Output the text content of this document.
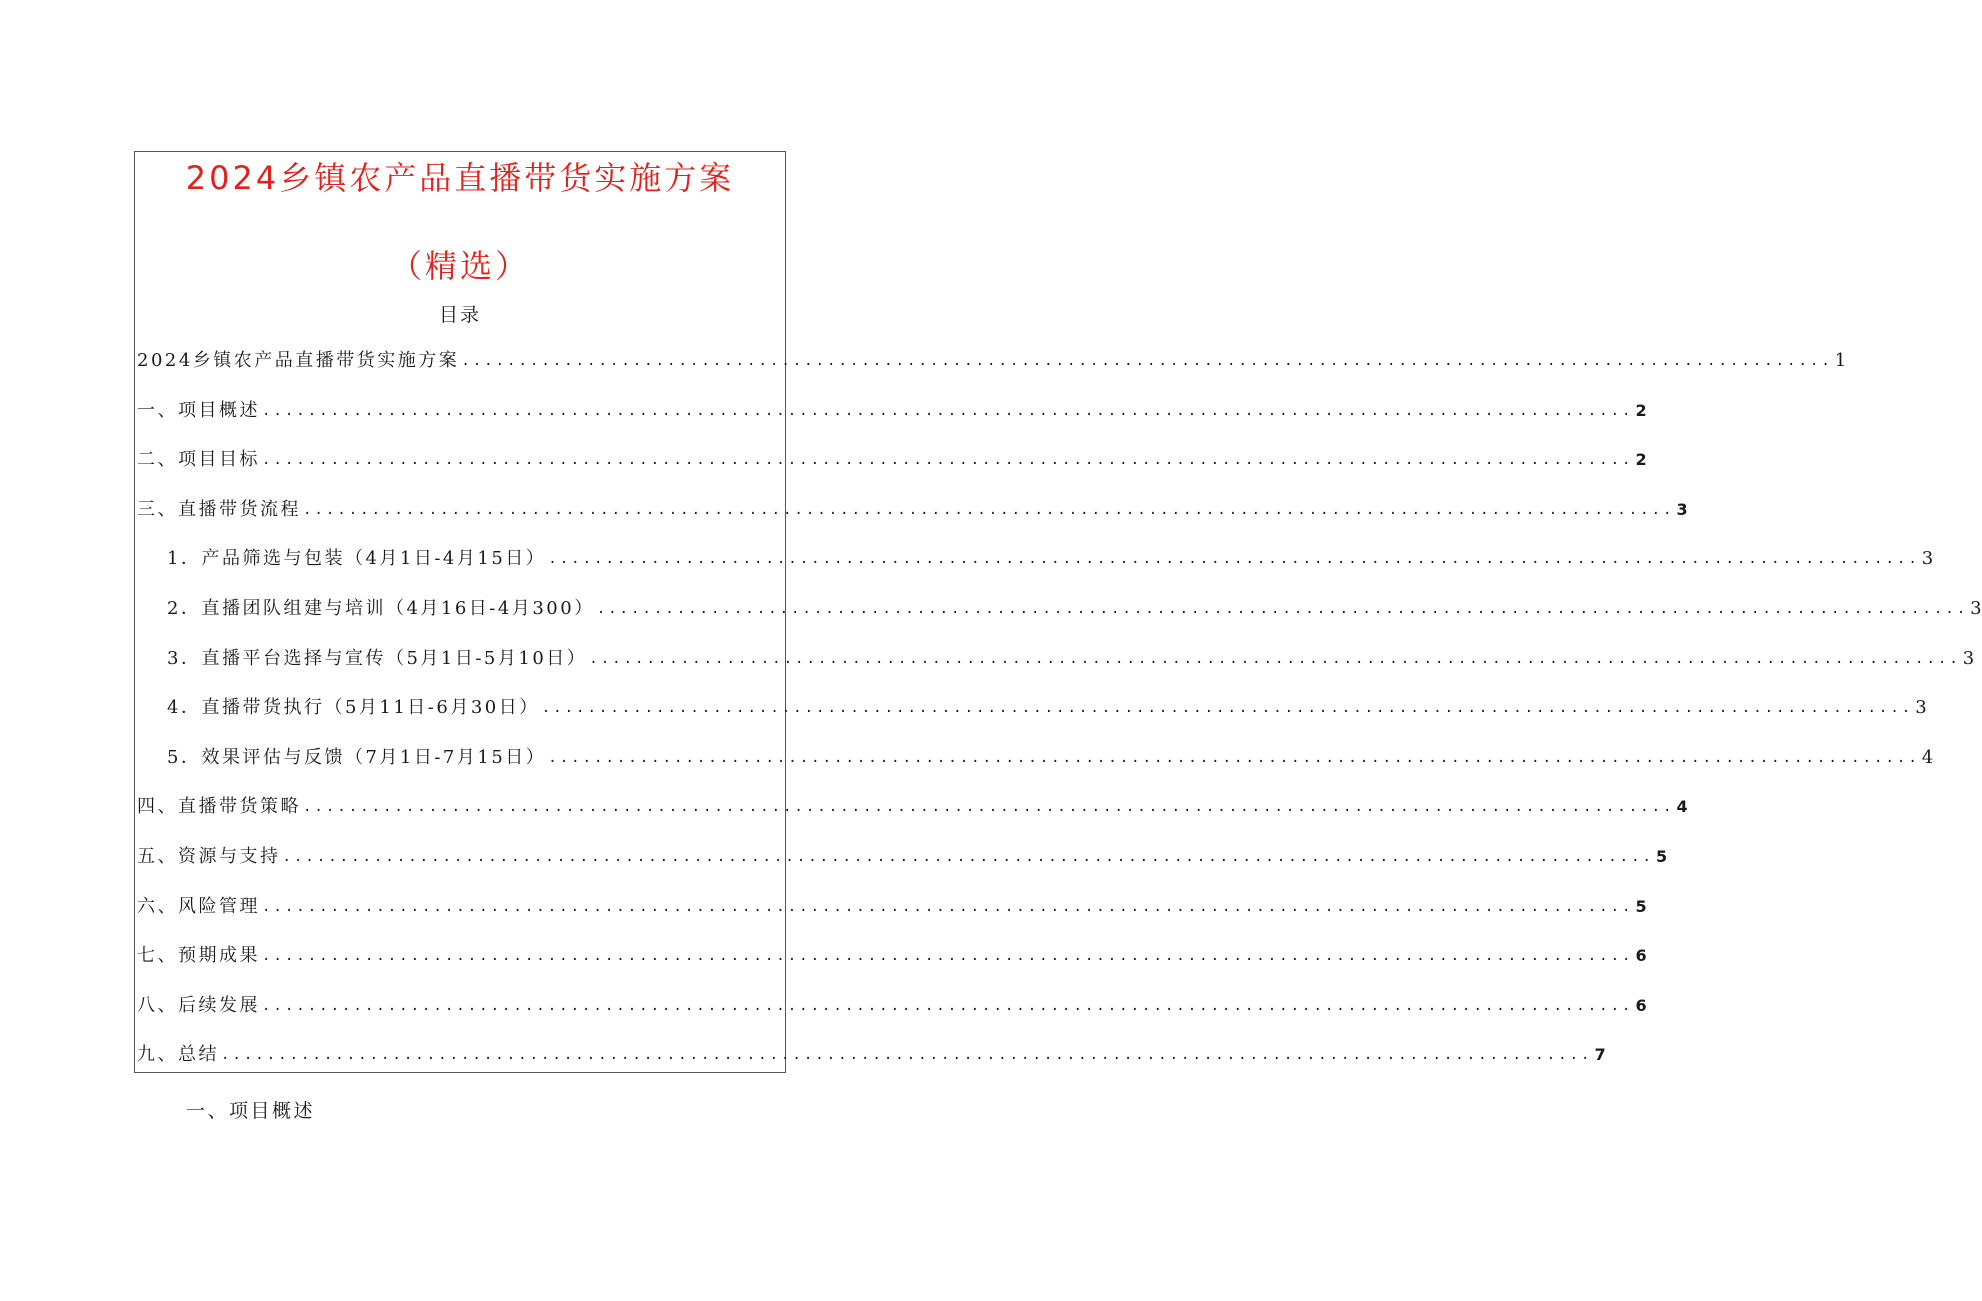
2024乡镇农产品直播带货实施方案
（精选）
目录
2024乡镇农产品直播带货实施方案 ........................................................................................................................ 1
一、项目概述 ........................................................................................................................ 2
二、项目目标 ........................................................................................................................ 2
三、直播带货流程 ........................................................................................................................ 3
1．产品筛选与包装（4月1日-4月15日） ........................................................................................................................ 3
2．直播团队组建与培训（4月16日-4月300） ........................................................................................................................ 3
3．直播平台选择与宣传（5月1日-5月10日） ........................................................................................................................ 3
4．直播带货执行（5月11日-6月30日） ........................................................................................................................ 3
5．效果评估与反馈（7月1日-7月15日） ........................................................................................................................ 4
四、直播带货策略 ........................................................................................................................ 4
五、资源与支持 ........................................................................................................................ 5
六、风险管理 ........................................................................................................................ 5
七、预期成果 ........................................................................................................................ 6
八、后续发展 ........................................................................................................................ 6
九、总结 ........................................................................................................................ 7
一、项目概述
